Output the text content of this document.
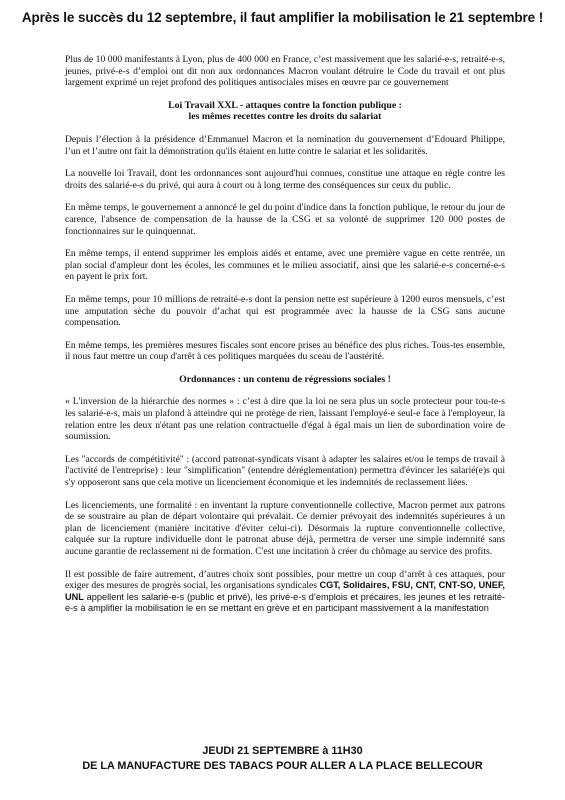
Après le succès du 12 septembre, il faut amplifier la mobilisation le 21 septembre !

Plus de 10 000 manifestants à Lyon, plus de 400 000 en France, c’est massivement que les salarié-e-s, retraité-e-s, jeunes, privé-e-s d’emploi ont dit non aux ordonnances Macron voulant détruire le Code du travail et ont plus largement exprimé un rejet profond des politiques antisociales mises en œuvre par ce gouvernement

Loi Travail XXL - attaques contre la fonction publique :
les mêmes recettes contre les droits du salariat

Depuis l’élection à la présidence d’Emmanuel Macron et la nomination du gouvernement d’Edouard Philippe, l’un et l’autre ont fait la démonstration qu'ils étaient en lutte contre le salariat et les solidarités.

La nouvelle loi Travail, dont les ordonnances sont aujourd'hui connues, constitue une attaque en règle contre les droits des salarié-e-s du privé, qui aura à court ou à long terme des conséquences sur ceux du public.

En même temps, le gouvernement a annoncé le gel du point d'indice dans la fonction publique, le retour du jour de carence, l'absence de compensation de la hausse de la CSG et sa volonté de supprimer 120 000 postes de fonctionnaires sur le quinquennat.

En même temps, il entend supprimer les emplois aidés et entame, avec une première vague en cette rentrée, un plan social d'ampleur dont les écoles, les communes et le milieu associatif, ainsi que les salarié-e-s concerné-e-s en payent le prix fort.

En même temps, pour 10 millions de retraité-e-s dont la pension nette est supérieure à 1200 euros mensuels, c’est une amputation sèche du pouvoir d’achat qui est programmée avec la hausse de la CSG sans aucune compensation.

En même temps, les premières mesures fiscales sont encore prises au bénéfice des plus riches. Tous-tes ensemble, il nous faut mettre un coup d'arrêt à ces politiques marquées du sceau de l'austérité.

Ordonnances : un contenu de régressions sociales !

« L'inversion de la hiérarchie des normes » : c’est à dire que la loi ne sera plus un socle protecteur pour tou-te-s les salarié-e-s, mais un plafond à atteindre qui ne protège de rien, laissant l'employé-e seul-e face à l'employeur, la relation entre les deux n'étant pas une relation contractuelle d'égal à égal mais un lien de subordination voire de soumission.

Les "accords de compétitivité" : (accord patronat-syndicats visant à adapter les salaires et/ou le temps de travail à l'activité de l'entreprise) : leur "simplification" (entendre déréglementation) permettra d'évincer les salarié(e)s qui s'y opposeront sans que cela motive un licenciement économique et les indemnités de reclassement liées.

Les licenciements, une formalité : en inventant la rupture conventionnelle collective, Macron permet aux patrons de se soustraire au plan de départ volontaire qui prévalait. Ce dernier prévoyait des indemnités supérieures à un plan de licenciement (manière incitative d'éviter celui-ci). Désormais la rupture conventionnelle collective, calquée sur la rupture individuelle dont le patronat abuse déjà, permettra de verser une simple indemnité sans aucune garantie de reclassement ni de formation. C'est une incitation à créer du chômage au service des profits.

Il est possible de faire autrement, d’autres choix sont possibles, pour mettre un coup d’arrêt à ces attaques, pour exiger des mesures de progrès social, les organisations syndicales CGT, Solidaires, FSU, CNT, CNT-SO, UNEF, UNL appellent les salarié-e-s (public et privé), les privé-e-s d’emplois et précaires, les jeunes et les retraité-e-s à amplifier la mobilisation le en se mettant en grève et en participant massivement à la manifestation

JEUDI 21 SEPTEMBRE à 11H30
DE LA MANUFACTURE DES TABACS POUR ALLER A LA PLACE BELLECOUR
